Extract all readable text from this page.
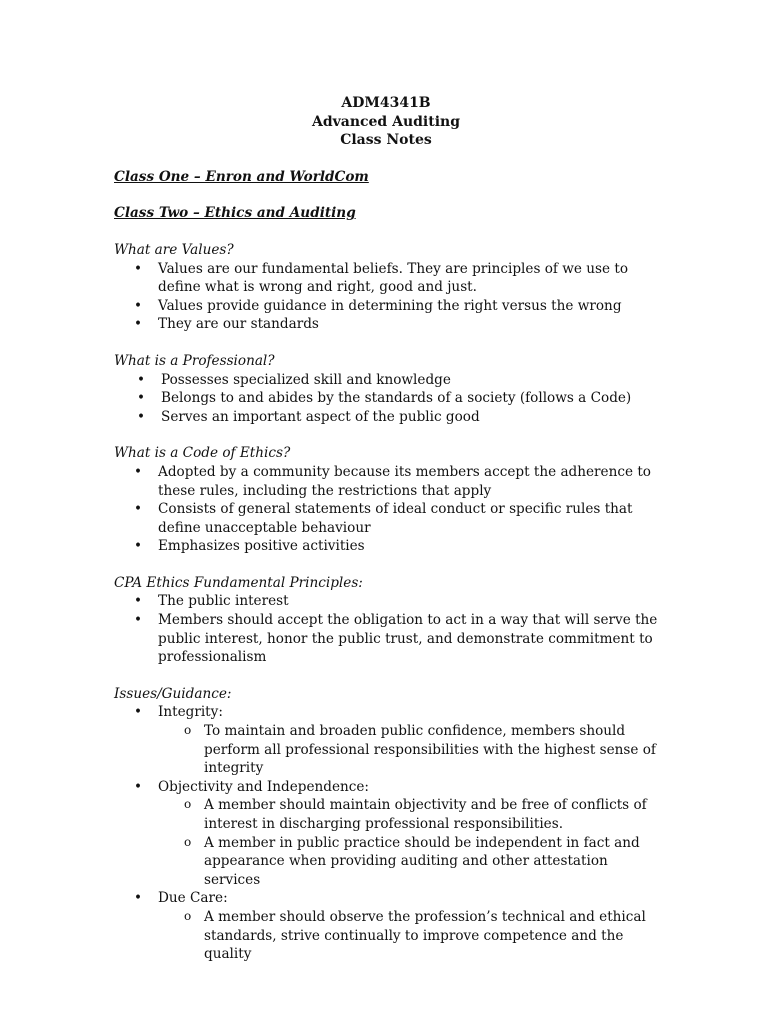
ADM4341B
Advanced Auditing
Class Notes
Class One – Enron and WorldCom
Class Two – Ethics and Auditing
What are Values?
• Values are our fundamental beliefs. They are principles of we use to define what is wrong and right, good and just.
• Values provide guidance in determining the right versus the wrong
• They are our standards
What is a Professional?
• Possesses specialized skill and knowledge
• Belongs to and abides by the standards of a society (follows a Code)
• Serves an important aspect of the public good
What is a Code of Ethics?
• Adopted by a community because its members accept the adherence to these rules, including the restrictions that apply
• Consists of general statements of ideal conduct or specific rules that define unacceptable behaviour
• Emphasizes positive activities
CPA Ethics Fundamental Principles:
• The public interest
• Members should accept the obligation to act in a way that will serve the public interest, honor the public trust, and demonstrate commitment to professionalism
Issues/Guidance:
• Integrity:
o To maintain and broaden public confidence, members should perform all professional responsibilities with the highest sense of integrity
• Objectivity and Independence:
o A member should maintain objectivity and be free of conflicts of interest in discharging professional responsibilities.
o A member in public practice should be independent in fact and appearance when providing auditing and other attestation services
• Due Care:
o A member should observe the profession’s technical and ethical standards, strive continually to improve competence and the quality
